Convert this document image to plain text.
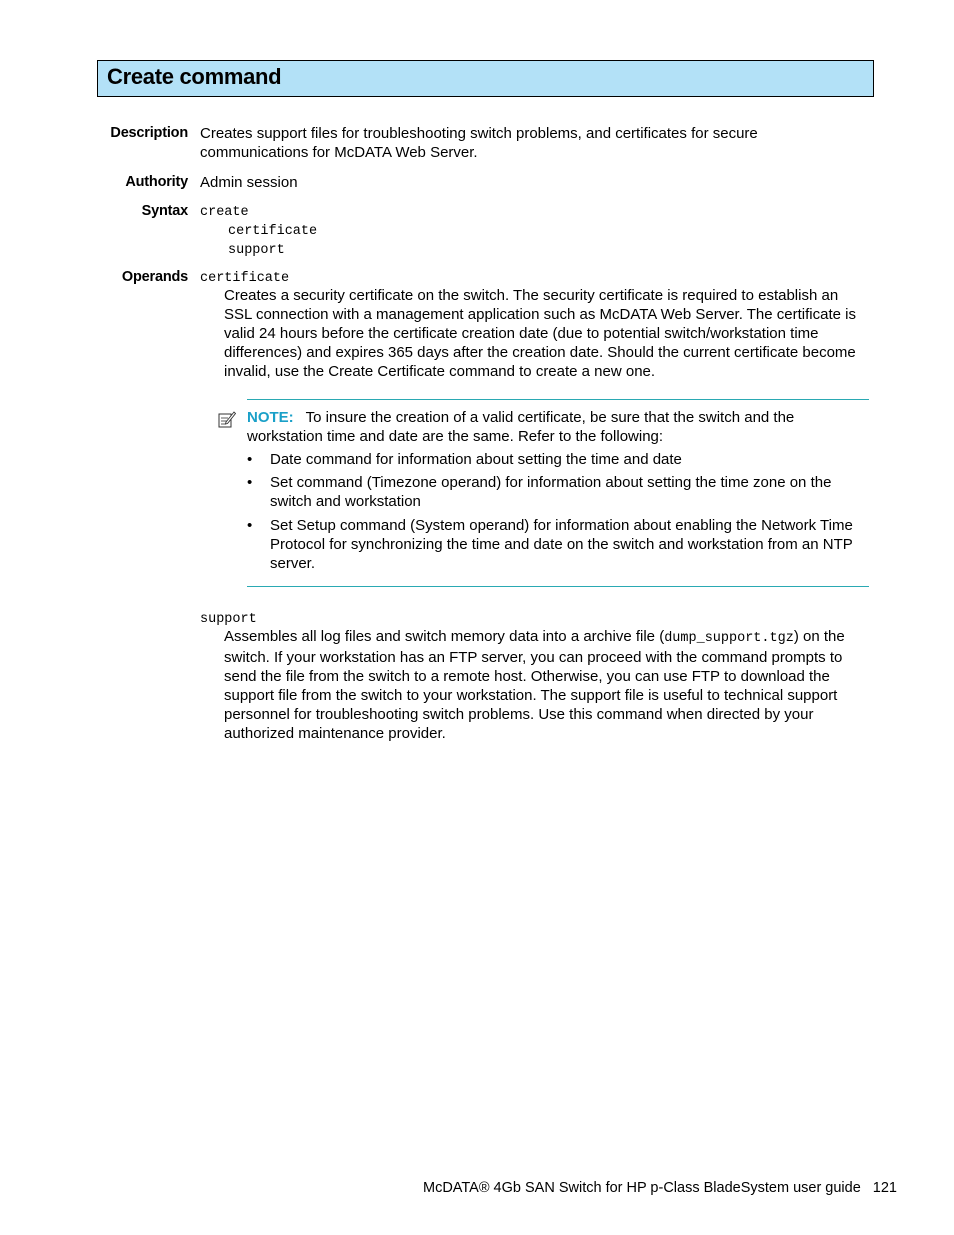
Create command
Description Creates support files for troubleshooting switch problems, and certificates for secure communications for McDATA Web Server.
Authority Admin session
Syntax create
certificate
support
Operands certificate
Creates a security certificate on the switch. The security certificate is required to establish an SSL connection with a management application such as McDATA Web Server. The certificate is valid 24 hours before the certificate creation date (due to potential switch/workstation time differences) and expires 365 days after the creation date. Should the current certificate become invalid, use the Create Certificate command to create a new one.
NOTE: To insure the creation of a valid certificate, be sure that the switch and the workstation time and date are the same. Refer to the following:
• Date command for information about setting the time and date
• Set command (Timezone operand) for information about setting the time zone on the switch and workstation
• Set Setup command (System operand) for information about enabling the Network Time Protocol for synchronizing the time and date on the switch and workstation from an NTP server.
support
Assembles all log files and switch memory data into a archive file (dump_support.tgz) on the switch. If your workstation has an FTP server, you can proceed with the command prompts to send the file from the switch to a remote host. Otherwise, you can use FTP to download the support file from the switch to your workstation. The support file is useful to technical support personnel for troubleshooting switch problems. Use this command when directed by your authorized maintenance provider.
McDATA® 4Gb SAN Switch for HP p-Class BladeSystem user guide 121
